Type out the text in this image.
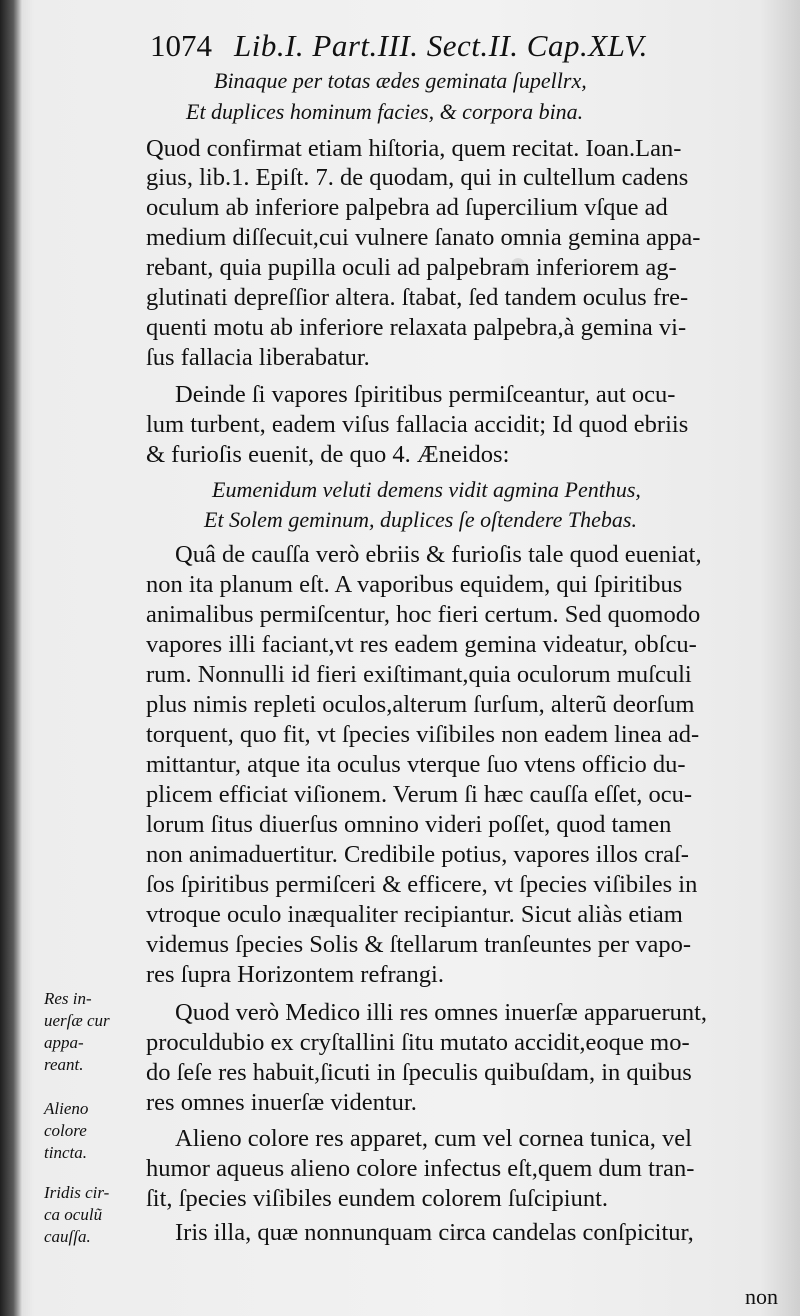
1074 Lib.I. Part.III. Sect.II. Cap.XLV.
Binaque per totas ædes geminata ſupellrx,
Et duplices hominum facies, & corpora bina.
Quod confirmat etiam hiſtoria, quem recitat. Ioan.Lan-
gius, lib.1. Epiſt. 7. de quodam, qui in cultellum cadens
oculum ab inferiore palpebra ad ſupercilium vſque ad
medium diſſecuit,cui vulnere ſanato omnia gemina appa-
rebant, quia pupilla oculi ad palpebram inferiorem ag-
glutinati depreſſior altera. ſtabat, ſed tandem oculus fre-
quenti motu ab inferiore relaxata palpebra,à gemina vi-
ſus fallacia liberabatur.
Deinde ſi vapores ſpiritibus permiſceantur, aut ocu-
lum turbent, eadem viſus fallacia accidit; Id quod ebriis
& furioſis euenit, de quo 4. Æneidos:
Eumenidum veluti demens vidit agmina Penthus,
Et Solem geminum, duplices ſe oſtendere Thebas.
Quâ de cauſſa verò ebriis & furioſis tale quod eueniat,
non ita planum eſt. A vaporibus equidem, qui ſpiritibus
animalibus permiſcentur, hoc fieri certum. Sed quomodo
vapores illi faciant,vt res eadem gemina videatur, obſcu-
rum. Nonnulli id fieri exiſtimant,quia oculorum muſculi
plus nimis repleti oculos,alterum ſurſum, alterũ deorſum
torquent, quo fit, vt ſpecies viſibiles non eadem linea ad-
mittantur, atque ita oculus vterque ſuo vtens officio du-
plicem efficiat viſionem. Verum ſi hæc cauſſa eſſet, ocu-
lorum ſitus diuerſus omnino videri poſſet, quod tamen
non animaduertitur. Credibile potius, vapores illos craſ-
ſos ſpiritibus permiſceri & efficere, vt ſpecies viſibiles in
vtroque oculo inæqualiter recipiantur. Sicut aliàs etiam
videmus ſpecies Solis & ſtellarum tranſeuntes per vapo-
res ſupra Horizontem refrangi.
Quod verò Medico illi res omnes inuerſæ apparuerunt,
proculdubio ex cryſtallini ſitu mutato accidit,eoque mo-
do ſeſe res habuit,ſicuti in ſpeculis quibuſdam, in quibus
res omnes inuerſæ videntur.
Alieno colore res apparet, cum vel cornea tunica, vel
humor aqueus alieno colore infectus eſt,quem dum tran-
ſit, ſpecies viſibiles eundem colorem ſuſcipiunt.
Iris illa, quæ nonnunquam circa candelas conſpicitur,
non
Res in-
uerſæ cur
appa-
reant.
Alieno
colore
tincta.
Iridis cir-
ca oculũ
cauſſa.
